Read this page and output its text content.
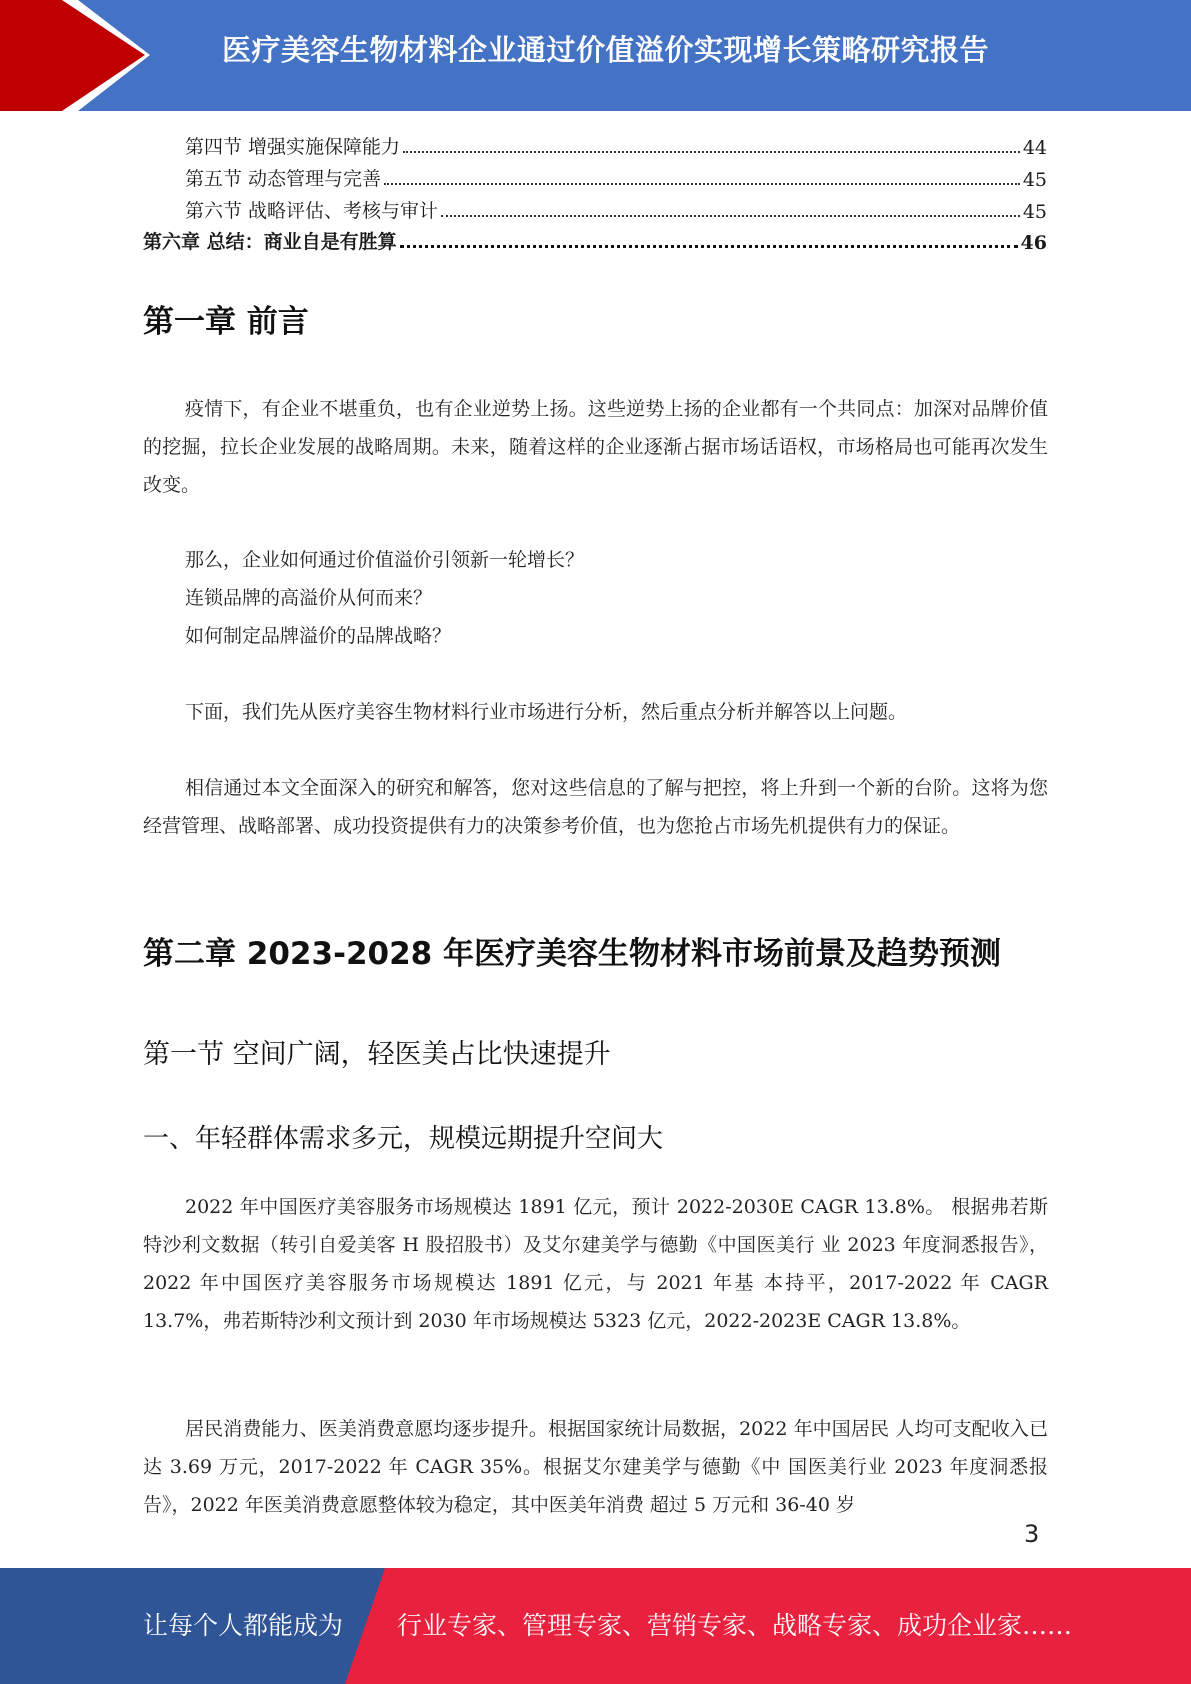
医疗美容生物材料企业通过价值溢价实现增长策略研究报告
第四节 增强实施保障能力	44
第五节 动态管理与完善	45
第六节 战略评估、考核与审计	45
第六章 总结：商业自是有胜算	46
第一章 前言
疫情下，有企业不堪重负，也有企业逆势上扬。这些逆势上扬的企业都有一个共同点：加深对品牌价值的挖掘，拉长企业发展的战略周期。未来，随着这样的企业逐渐占据市场话语权，市场格局也可能再次发生改变。
那么，企业如何通过价值溢价引领新一轮增长？
连锁品牌的高溢价从何而来？
如何制定品牌溢价的品牌战略？
下面，我们先从医疗美容生物材料行业市场进行分析，然后重点分析并解答以上问题。
相信通过本文全面深入的研究和解答，您对这些信息的了解与把控，将上升到一个新的台阶。这将为您经营管理、战略部署、成功投资提供有力的决策参考价值，也为您抢占市场先机提供有力的保证。
第二章 2023-2028 年医疗美容生物材料市场前景及趋势预测
第一节 空间广阔，轻医美占比快速提升
一、年轻群体需求多元，规模远期提升空间大
2022 年中国医疗美容服务市场规模达 1891 亿元，预计 2022-2030E CAGR 13.8%。 根据弗若斯特沙利文数据（转引自爱美客 H 股招股书）及艾尔建美学与德勤《中国医美行 业 2023 年度洞悉报告》，2022 年中国医疗美容服务市场规模达 1891 亿元，与 2021 年基 本持平，2017-2022 年 CAGR 13.7%，弗若斯特沙利文预计到 2030 年市场规模达 5323 亿元，2022-2023E CAGR 13.8%。
居民消费能力、医美消费意愿均逐步提升。根据国家统计局数据，2022 年中国居民 人均可支配收入已达 3.69 万元，2017-2022 年 CAGR 35%。根据艾尔建美学与德勤《中 国医美行业 2023 年度洞悉报告》，2022 年医美消费意愿整体较为稳定，其中医美年消费 超过 5 万元和 36-40 岁
3
让每个人都能成为 行业专家、管理专家、营销专家、战略专家、成功企业家……
